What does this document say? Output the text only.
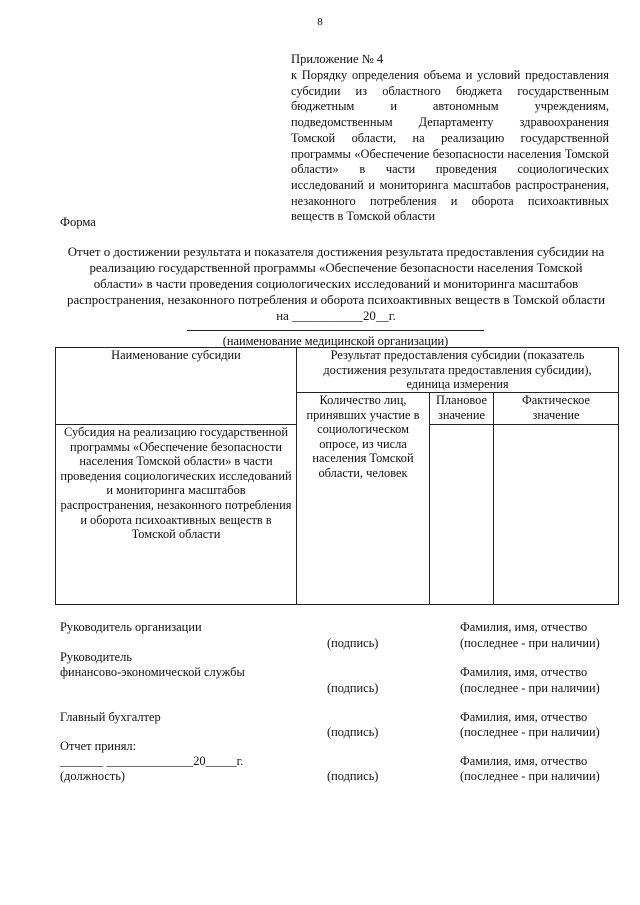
8
Приложение № 4
к Порядку определения объема и условий предоставления субсидии из областного бюджета государственным бюджетным и автономным учреждениям, подведомственным Департаменту здравоохранения Томской области, на реализацию государственной программы «Обеспечение безопасности населения Томской области» в части проведения социологических исследований и мониторинга масштабов распространения, незаконного потребления и оборота психоактивных веществ в Томской области
Форма
Отчет о достижении результата и показателя достижения результата предоставления субсидии на
реализацию государственной программы «Обеспечение безопасности населения Томской
области» в части проведения социологических исследований и мониторинга масштабов
распространения, незаконного потребления и оборота психоактивных веществ в Томской области
на ___________20__г.
(наименование медицинской организации)
Наименование субсидии	Результат предоставления субсидии (показатель достижения результата предоставления субсидии), единица измерения		
	Количество лиц, принявших участие в социологическом опросе, из числа населения Томской области, человек	Плановое значение	Фактическое значение
Субсидия на реализацию государственной программы «Обеспечение безопасности населения Томской области» в части проведения социологических исследований и мониторинга масштабов распространения, незаконного потребления и оборота психоактивных веществ в Томской области			
Руководитель организации	Фамилия, имя, отчество
(подпись)	(последнее - при наличии)
Руководитель
финансово-экономической службы	Фамилия, имя, отчество
(подпись)	(последнее - при наличии)
Главный бухгалтер	Фамилия, имя, отчество
(подпись)	(последнее - при наличии)
Отчет принял:
_______ ______________20_____г.	Фамилия, имя, отчество
(должность)	(подпись)	(последнее - при наличии)
